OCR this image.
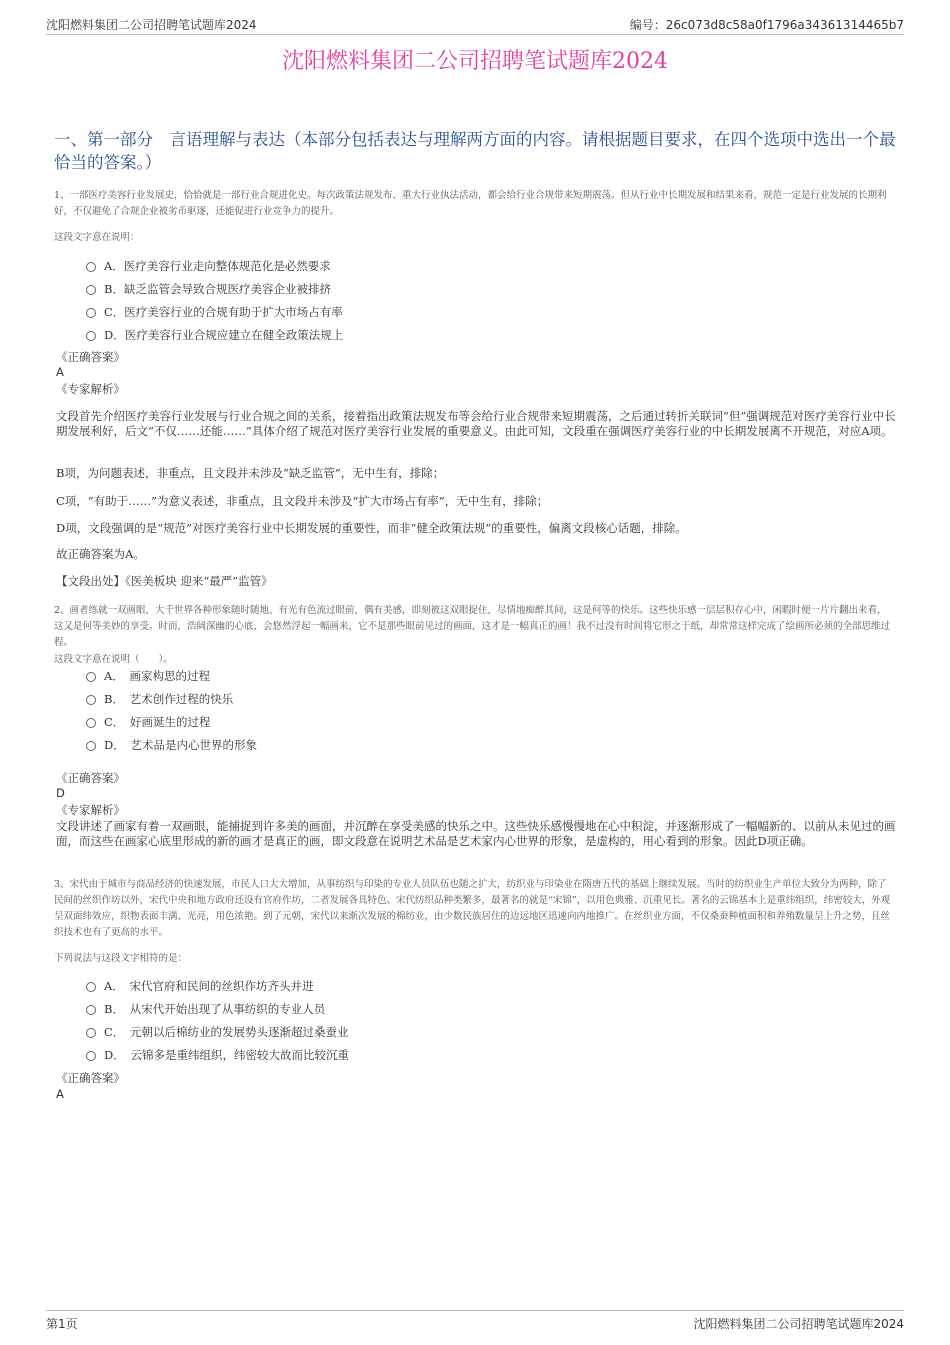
沈阳燃料集团二公司招聘笔试题库2024	编号：26c073d8c58a0f1796a34361314465b7
沈阳燃料集团二公司招聘笔试题库2024
一、第一部分　言语理解与表达（本部分包括表达与理解两方面的内容。请根据题目要求，在四个选项中选出一个最恰当的答案。）
1、一部医疗美容行业发展史，恰恰就是一部行业合规进化史。每次政策法规发布、重大行业执法活动，都会给行业合规带来短期震荡。但从行业中长期发展和结果来看，规范一定是行业发展的长期利好，不仅避免了合规企业被劣币驱逐，还能促进行业竞争力的提升。
这段文字意在说明：
A．医疗美容行业走向整体规范化是必然要求
B．缺乏监管会导致合规医疗美容企业被排挤
C．医疗美容行业的合规有助于扩大市场占有率
D．医疗美容行业合规应建立在健全政策法规上
《正确答案》
A
《专家解析》
文段首先介绍医疗美容行业发展与行业合规之间的关系，接着指出政策法规发布等会给行业合规带来短期震荡，之后通过转折关联词“但”强调规范对医疗美容行业中长期发展利好，后文“不仅……还能……”具体介绍了规范对医疗美容行业发展的重要意义。由此可知，文段重在强调医疗美容行业的中长期发展离不开规范，对应A项。
B项，为问题表述，非重点，且文段并未涉及“缺乏监管”，无中生有，排除；
C项，“有助于……”为意义表述，非重点，且文段并未涉及“扩大市场占有率”，无中生有，排除；
D项，文段强调的是“规范”对医疗美容行业中长期发展的重要性，而非“健全政策法规”的重要性，偏离文段核心话题，排除。
故正确答案为A。
【文段出处】《医美板块 迎来“最严”监管》
2、画者练就一双画眼，大千世界各种形象随时随地、有光有色流过眼前，偶有美感，即刻被这双眼捉住，尽情地痴醉其间，这是何等的快乐。这些快乐感一层层积存心中，闲暇时便一片片翻出来看，这又是何等美妙的享受。时而，浩阔深幽的心底，会悠然浮起一幅画来，它不是那些眼前见过的画面，这才是一幅真正的画！我不过没有时间将它形之于纸，却常常这样完成了绘画所必须的全部思维过程。
这段文字意在说明（　　）。
A．　画家构思的过程
B．　艺术创作过程的快乐
C．　好画诞生的过程
D．　艺术品是内心世界的形象
《正确答案》
D
《专家解析》
文段讲述了画家有着一双画眼，能捕捉到许多美的画面，并沉醉在享受美感的快乐之中。这些快乐感慢慢地在心中积淀，并逐渐形成了一幅幅新的、以前从未见过的画面，而这些在画家心底里形成的新的画才是真正的画，即文段意在说明艺术品是艺术家内心世界的形象，是虚构的，用心看到的形象。因此D项正确。
3、宋代由于城市与商品经济的快速发展，市民人口大大增加，从事纺织与印染的专业人员队伍也随之扩大，纺织业与印染业在隋唐五代的基础上继续发展。当时的纺织业生产单位大致分为两种，除了民间的丝织作坊以外，宋代中央和地方政府还设有官府作坊，二者发展各具特色。宋代纺织品种类繁多，最著名的就是“宋锦”，以用色典雅、沉重见长。著名的云锦基本上是重纬组织，纬密较大，外观呈双面纬效应，织物表面丰满、光亮，用色浓艳。到了元朝，宋代以来渐次发展的棉纺业，由少数民族居住的边远地区迅速向内地推广。在丝织业方面，不仅桑蚕种植面积和养殖数量呈上升之势，且丝织技术也有了更高的水平。
下列说法与这段文字相符的是：
A．　宋代官府和民间的丝织作坊齐头并进
B．　从宋代开始出现了从事纺织的专业人员
C．　元朝以后棉纺业的发展势头逐渐超过桑蚕业
D．　云锦多是重纬组织，纬密较大故而比较沉重
《正确答案》
A
第1页	沈阳燃料集团二公司招聘笔试题库2024
